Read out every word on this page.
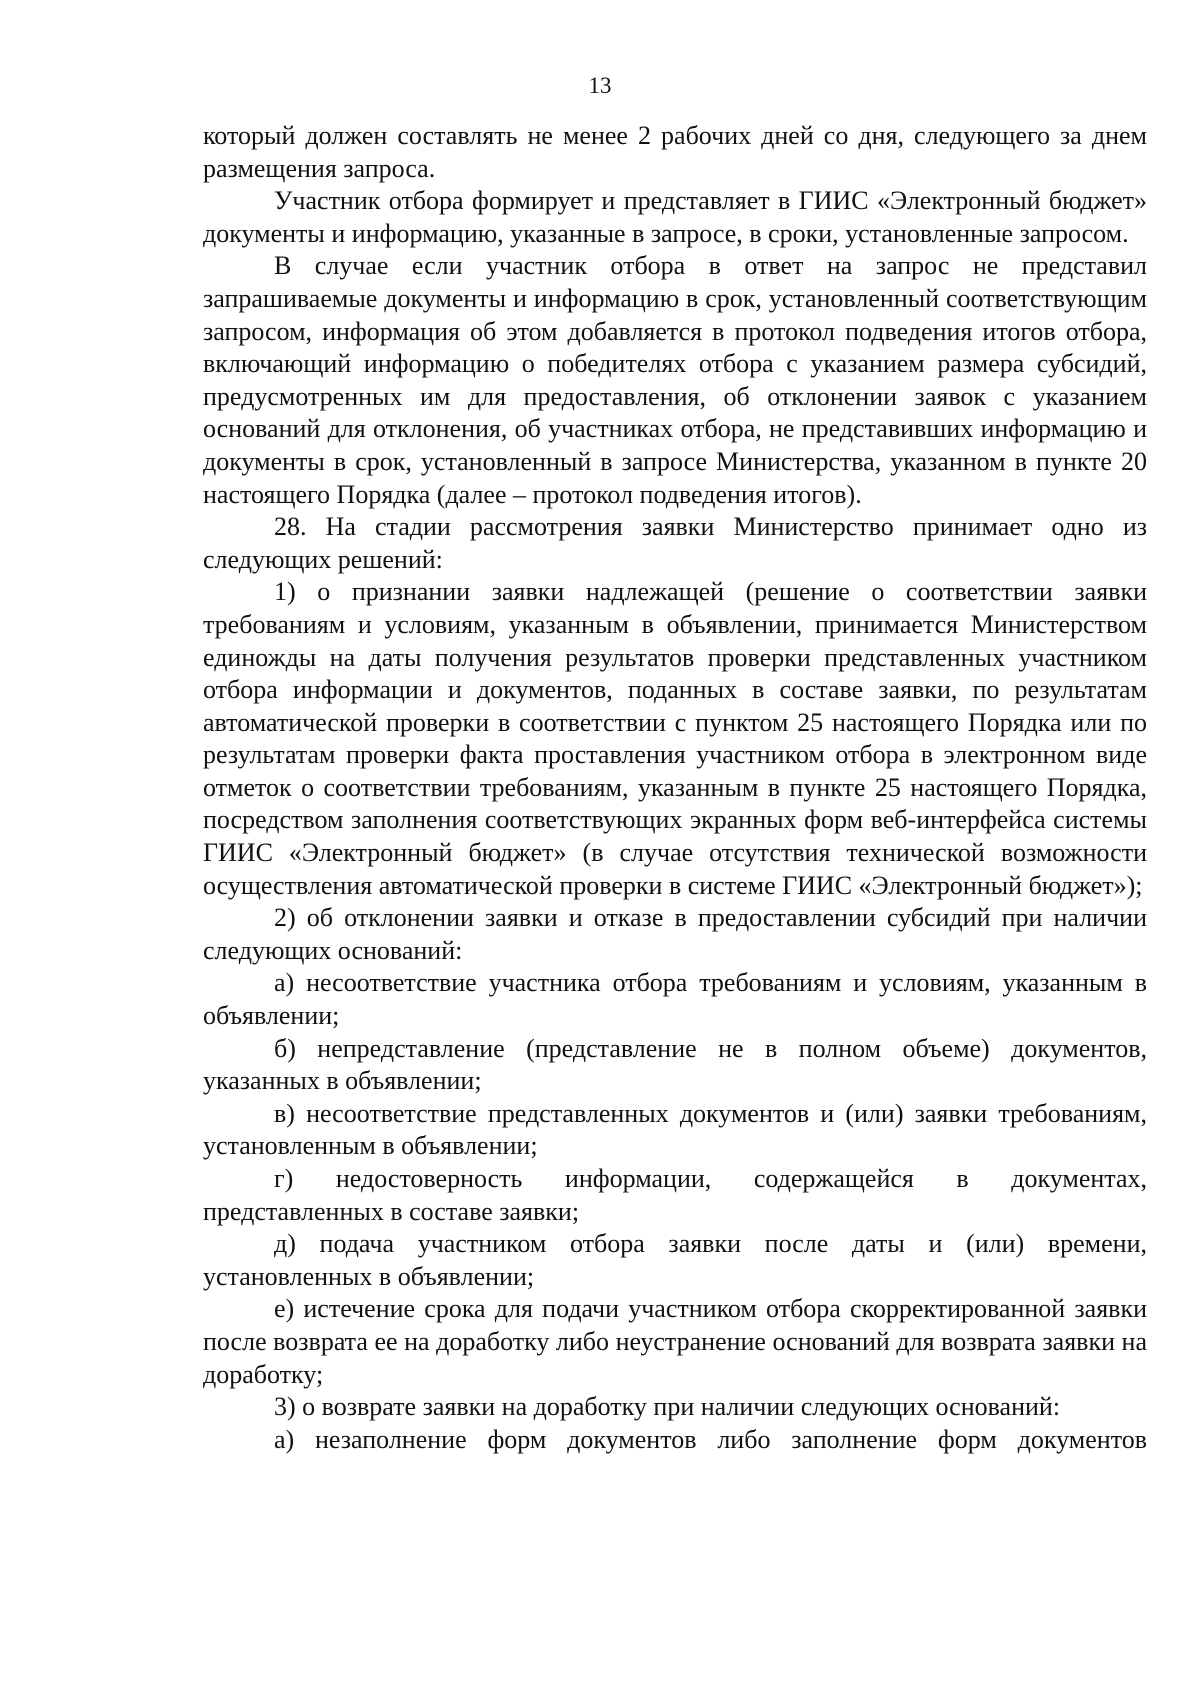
13

который должен составлять не менее 2 рабочих дней со дня, следующего за днем размещения запроса.

Участник отбора формирует и представляет в ГИИС «Электронный бюджет» документы и информацию, указанные в запросе, в сроки, установленные запросом.

В случае если участник отбора в ответ на запрос не представил запрашиваемые документы и информацию в срок, установленный соответствующим запросом, информация об этом добавляется в протокол подведения итогов отбора, включающий информацию о победителях отбора с указанием размера субсидий, предусмотренных им для предоставления, об отклонении заявок с указанием оснований для отклонения, об участниках отбора, не представивших информацию и документы в срок, установленный в запросе Министерства, указанном в пункте 20 настоящего Порядка (далее – протокол подведения итогов).

28. На стадии рассмотрения заявки Министерство принимает одно из следующих решений:

1) о признании заявки надлежащей (решение о соответствии заявки требованиям и условиям, указанным в объявлении, принимается Министерством единожды на даты получения результатов проверки представленных участником отбора информации и документов, поданных в составе заявки, по результатам автоматической проверки в соответствии с пунктом 25 настоящего Порядка или по результатам проверки факта проставления участником отбора в электронном виде отметок о соответствии требованиям, указанным в пункте 25 настоящего Порядка, посредством заполнения соответствующих экранных форм веб-интерфейса системы ГИИС «Электронный бюджет» (в случае отсутствия технической возможности осуществления автоматической проверки в системе ГИИС «Электронный бюджет»);

2) об отклонении заявки и отказе в предоставлении субсидий при наличии следующих оснований:

а) несоответствие участника отбора требованиям и условиям, указанным в объявлении;

б) непредставление (представление не в полном объеме) документов, указанных в объявлении;

в) несоответствие представленных документов и (или) заявки требованиям, установленным в объявлении;

г) недостоверность информации, содержащейся в документах, представленных в составе заявки;

д) подача участником отбора заявки после даты и (или) времени, установленных в объявлении;

е) истечение срока для подачи участником отбора скорректированной заявки после возврата ее на доработку либо неустранение оснований для возврата заявки на доработку;

3) о возврате заявки на доработку при наличии следующих оснований:

а) незаполнение форм документов либо заполнение форм документов
